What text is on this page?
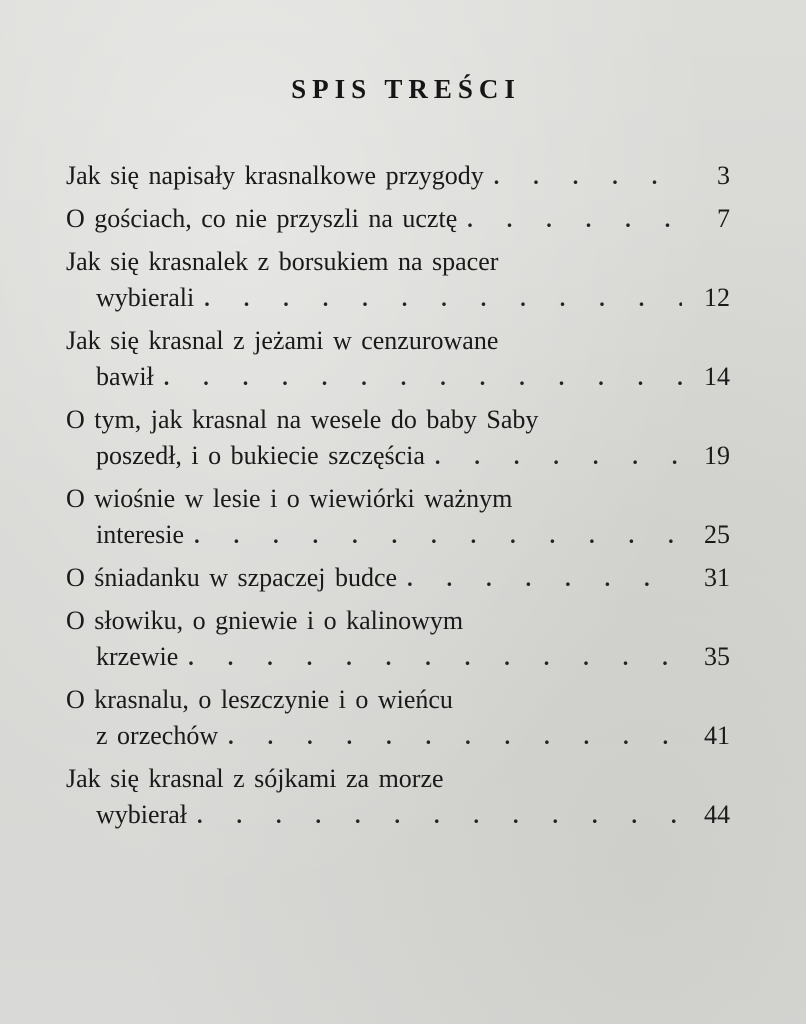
SPIS TREŚCI
Jak się napisały krasnalkowe przygody .	3
O gościach, co nie przyszli na ucztę .	7
Jak się krasnalek z borsukiem na spacer
wybierali .	12
Jak się krasnal z jeżami w cenzurowane
bawił .	14
O tym, jak krasnal na wesele do baby Saby
poszedł, i o bukiecie szczęścia .	19
O wiośnie w lesie i o wiewiórki ważnym
interesie .	25
O śniadanku w szpaczej budce .	31
O słowiku, o gniewie i o kalinowym
krzewie .	35
O krasnalu, o leszczynie i o wieńcu
z orzechów .	41
Jak się krasnal z sójkami za morze
wybierał .	44
